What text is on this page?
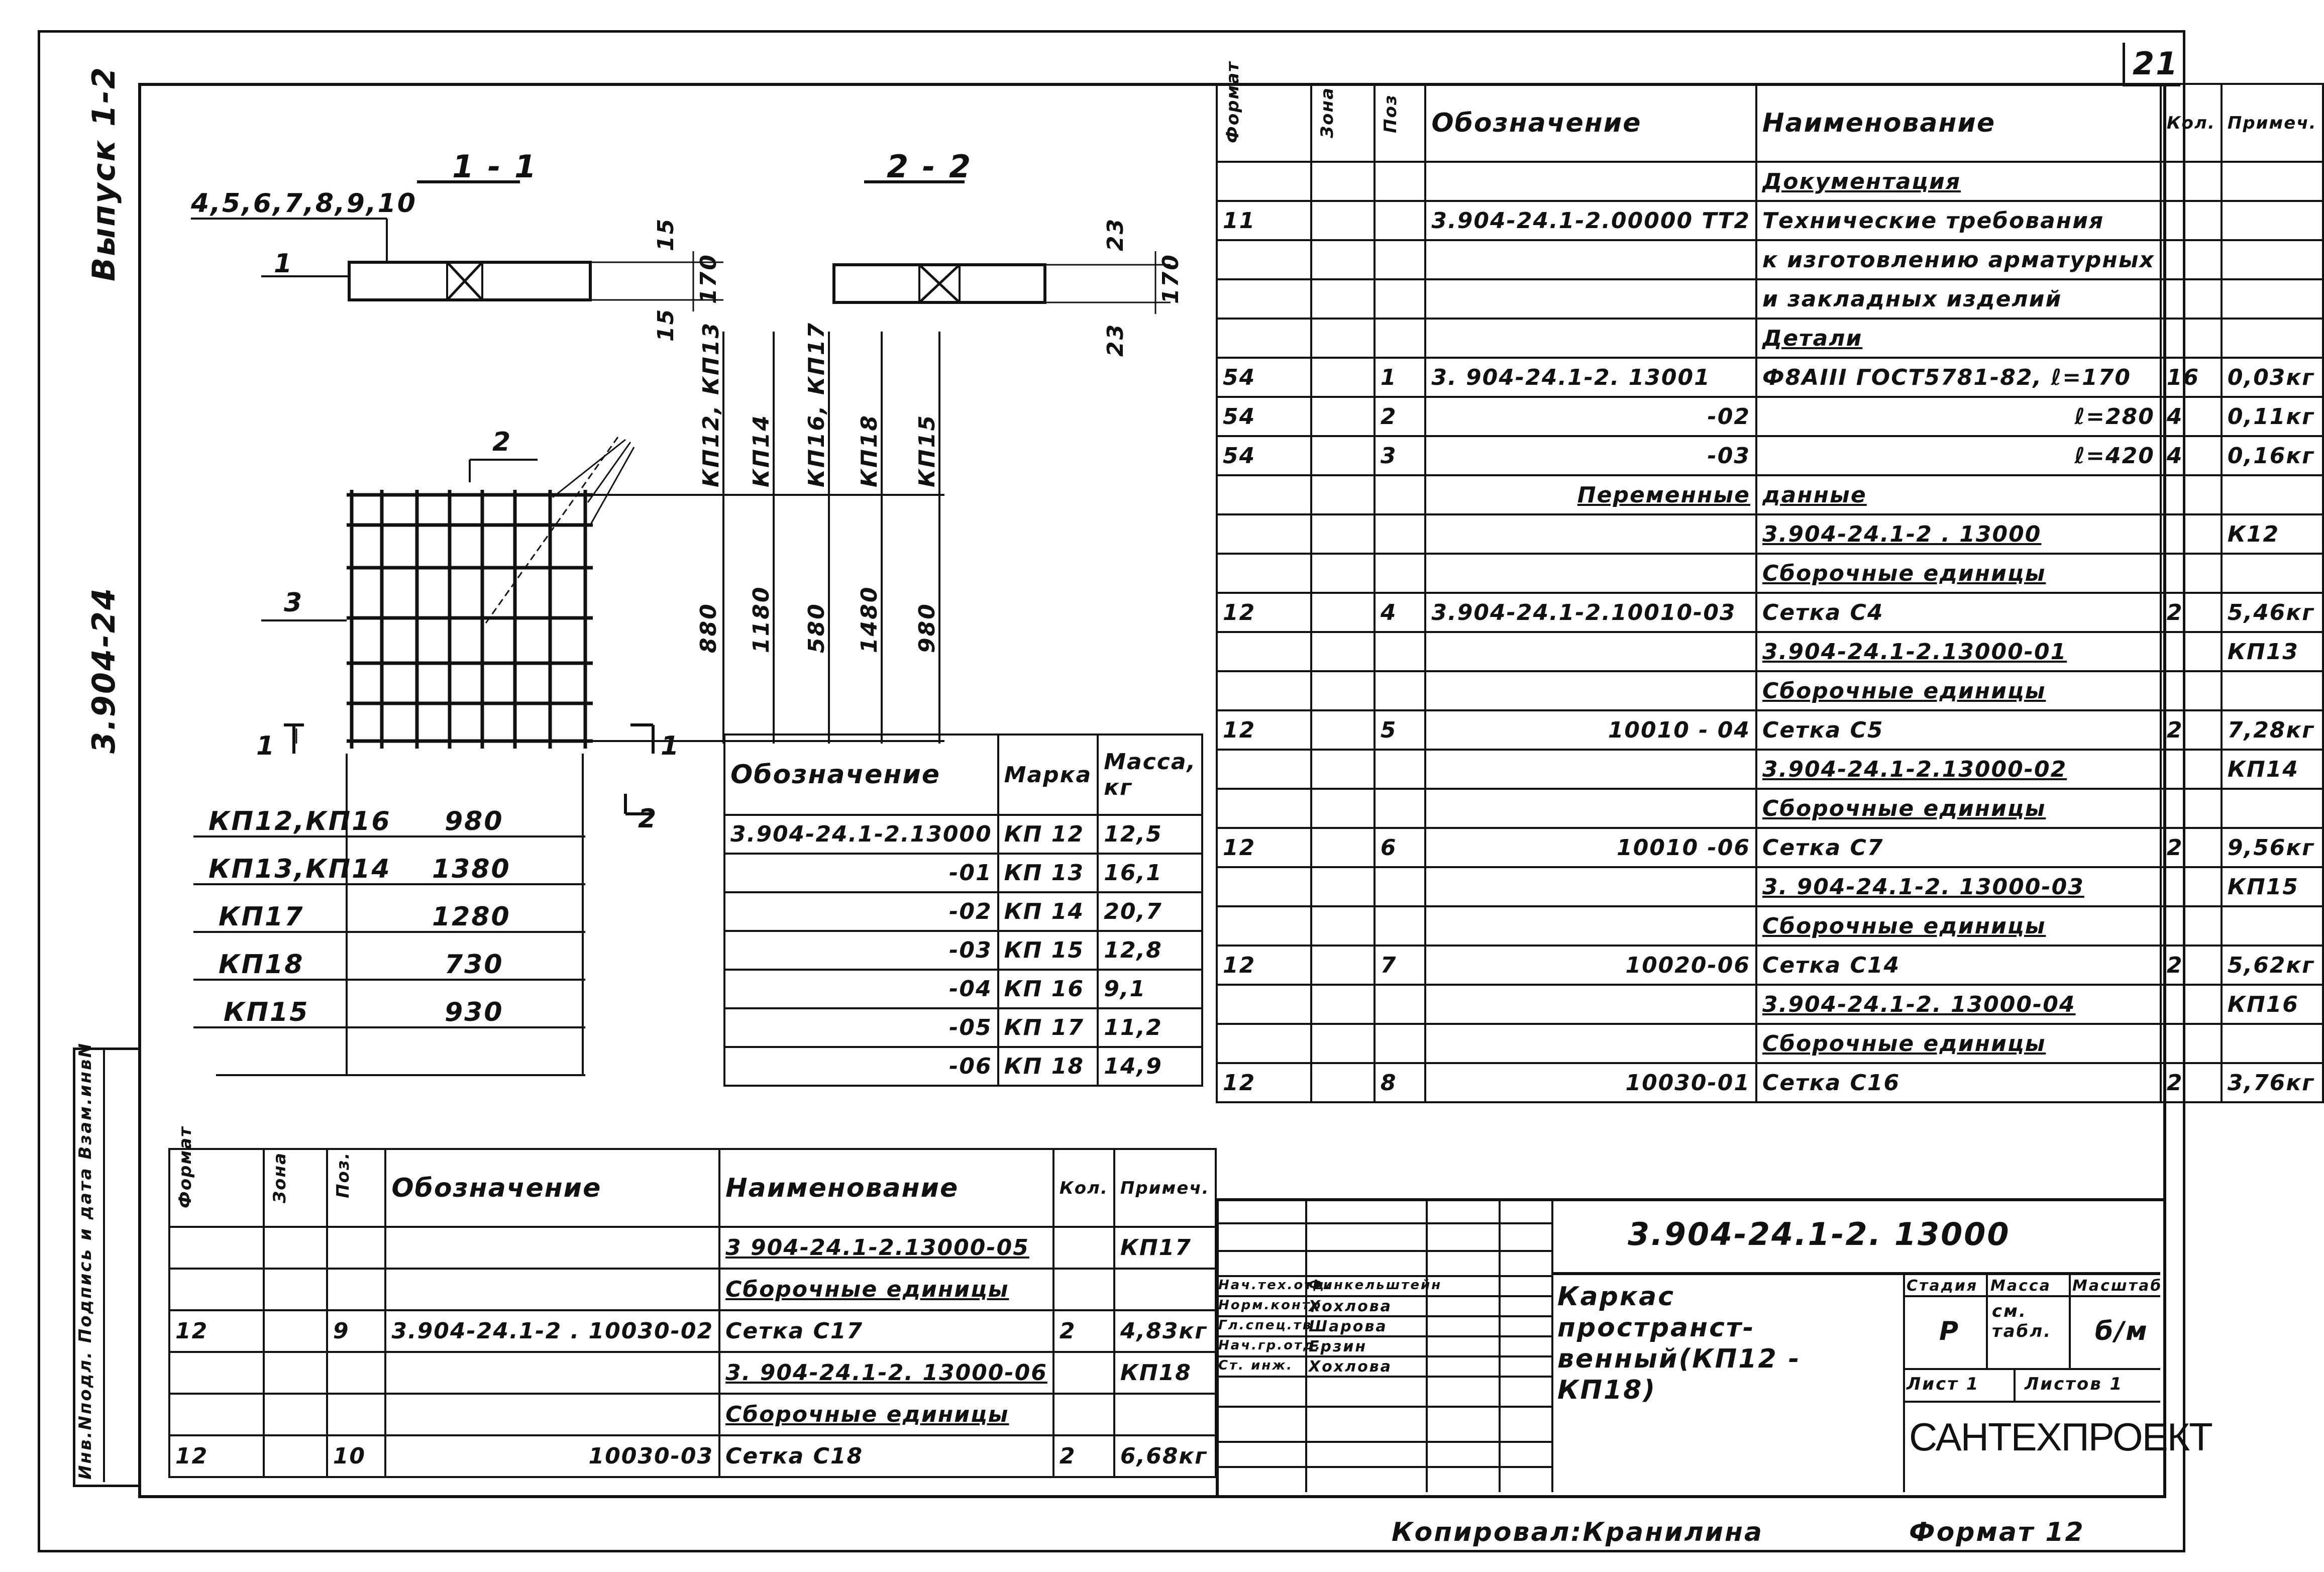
21
Выпуск 1-2
3.904-24
Инв.Nподл. Подпись и дата Взам.инвN
1 - 1	2 - 2
4,5,6,7,8,9,10
1
2
3
15
15
170
23
23
170
1	1
2
КП12, КП13 КП14 КП16, КП17 КП18 КП15
880 1180 580 1480 980
КП12,КП16 980
КП13,КП14 1380
КП17	1280
КП18	730
КП15	930
Обозначение	Марка	Масса, кг
3.904-24.1-2.13000	КП 12	12,5
-01	КП 13	16,1
-02	КП 14	20,7
-03	КП 15	12,8
-04	КП 16	9,1
-05	КП 17	11,2
-06	КП 18	14,9
Формат	Зона	Поз	Обозначение	Наименование	Кол.	Примеч.
				Документация		
11			3.904-24.1-2.00000 ТТ2	Технические требования		
				к изготовлению арматурных		
				и закладных изделий		
				Детали		
54		1	3. 904-24.1-2. 13001	Ф8АIII ГОСТ5781-82, ℓ=170	16	0,03кг
54		2	-02	ℓ=280	4	0,11кг
54		3	-03	ℓ=420	4	0,16кг
			Переменные	данные		
				3.904-24.1-2 . 13000		К12
				Сборочные единицы		
12		4	3.904-24.1-2.10010-03	Сетка С4	2	5,46кг
				3.904-24.1-2.13000-01		КП13
				Сборочные единицы		
12		5	10010 - 04	Сетка С5	2	7,28кг
				3.904-24.1-2.13000-02		КП14
				Сборочные единицы		
12		6	10010 -06	Сетка С7	2	9,56кг
				3. 904-24.1-2. 13000-03		КП15
				Сборочные единицы		
12		7	10020-06	Сетка С14	2	5,62кг
				3.904-24.1-2. 13000-04		КП16
				Сборочные единицы		
12		8	10030-01	Сетка С16	2	3,76кг
Формат	Зона	Поз.	Обозначение	Наименование	Кол.	Примеч.
				3 904-24.1-2.13000-05		КП17
				Сборочные единицы		
12		9	3.904-24.1-2 . 10030-02	Сетка С17	2	4,83кг
				3. 904-24.1-2. 13000-06		КП18
				Сборочные единицы		
12		10	10030-03	Сетка С18	2	6,68кг
3.904-24.1-2. 13000
Каркас пространст-венный(КП12 - КП18)
Нач.тех.отд.
Финкельштейн
Норм.контр.
Хохлова
Гл.спец.тв
Шарова
Нач.гр.отд.
Ерзин
Ст. инж. Хохлова
Стадия Масса Масштаб
Р
см. табл.	б/м
Лист 1	Листов 1
САНТЕХПРОЕКТ
Копировал:Кранилина	Формат 12
